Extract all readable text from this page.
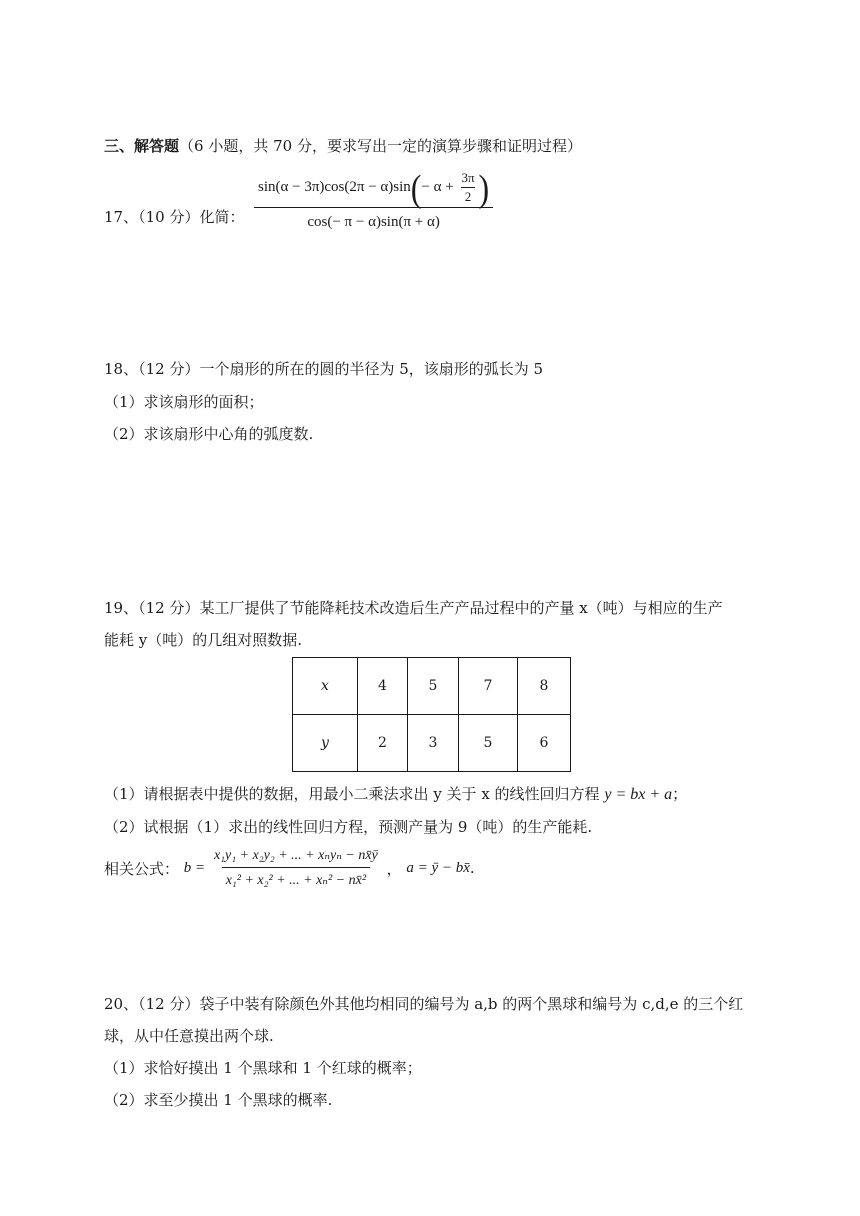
三、解答题（6 小题，共 70 分，要求写出一定的演算步骤和证明过程）
17、（10 分）化简：
$\sin(\alpha - 3\pi)\cos(2\pi - \alpha)\sin(- \alpha + \frac{3\pi}{2}$ )
cos(− π − α)sin(π + α)
18、（12 分）一个扇形的所在的圆的半径为 5，该扇形的弧长为 5
（1）求该扇形的面积；
（2）求该扇形中心角的弧度数.
19、（12 分）某工厂提供了节能降耗技术改造后生产产品过程中的产量 x（吨）与相应的生产
能耗 y（吨）的几组对照数据.
x	4	5	7	8
y	2	3	5	6
（1）请根据表中提供的数据，用最小二乘法求出 y 关于 x 的线性回归方程 y = bx + a；
（2）试根据（1）求出的线性回归方程，预测产量为 9（吨）的生产能耗.
相关公式： $b = \frac{\text{x₁y₁ + x₂y₂ + ... + xₙyₙ − nx̄ȳ}}{\text{x₁² + x₂² + ... + xₙ² − nx̄²}}$ ， a = ȳ − bx̄.
20、（12 分）袋子中装有除颜色外其他均相同的编号为 a,b 的两个黑球和编号为 c,d,e 的三个红
球，从中任意摸出两个球.
（1）求恰好摸出 1 个黑球和 1 个红球的概率；
（2）求至少摸出 1 个黑球的概率.
